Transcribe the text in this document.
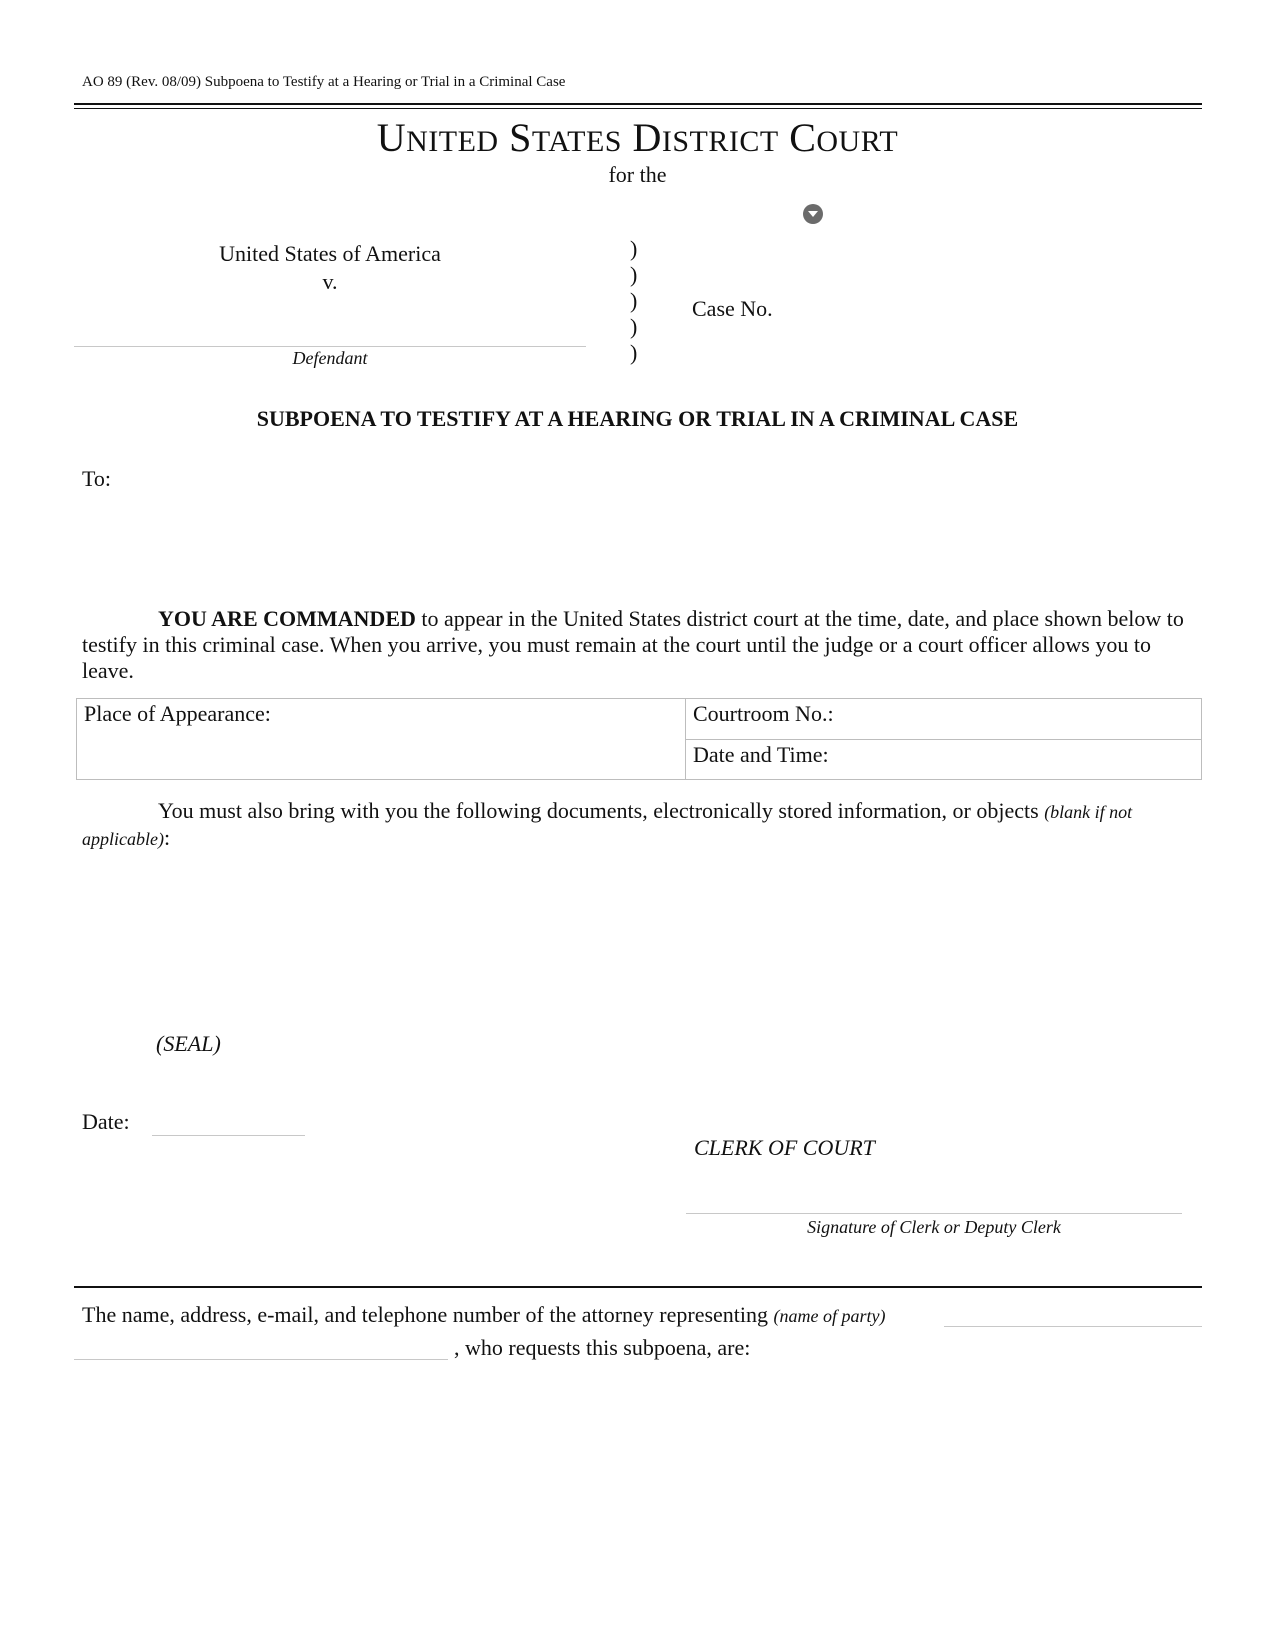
AO 89 (Rev. 08/09) Subpoena to Testify at a Hearing or Trial in a Criminal Case
UNITED STATES DISTRICT COURT
for the
United States of America
v.
Defendant
)
)
)
)
)
Case No.
SUBPOENA TO TESTIFY AT A HEARING OR TRIAL IN A CRIMINAL CASE
To:
YOU ARE COMMANDED to appear in the United States district court at the time, date, and place shown below to testify in this criminal case. When you arrive, you must remain at the court until the judge or a court officer allows you to leave.
Place of Appearance:	Courtroom No.:
Date and Time:
You must also bring with you the following documents, electronically stored information, or objects (blank if not applicable):
(SEAL)
Date:
CLERK OF COURT
Signature of Clerk or Deputy Clerk
The name, address, e-mail, and telephone number of the attorney representing (name of party)
, who requests this subpoena, are:
